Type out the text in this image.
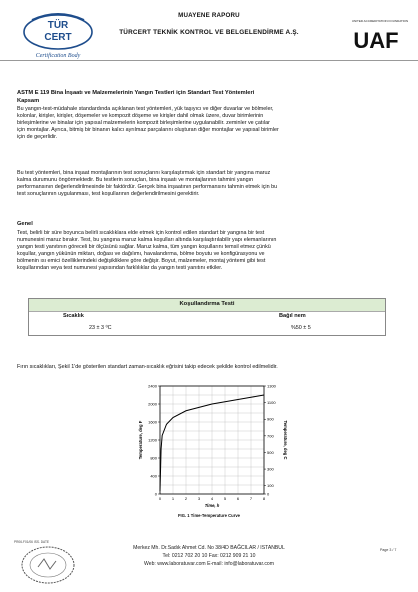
TÜR
CERT
Certification Body
MUAYENE RAPORU
TÜRCERT TEKNİK KONTROL VE BELGELENDİRME A.Ş.
UNITED ACCREDITATION FOUNDATION
UAF
ASTM E 119 Bina İnşaatı ve Malzemelerinin Yangın Testleri için Standart Test Yöntemleri
Kapsam
Bu yangın-test-müdahale standardında açıklanan test yöntemleri, yük taşıyıcı ve diğer duvarlar ve bölmeler,
kolonlar, kirişler, kirişler, döşemeler ve kompozit döşeme ve kirişler dahil olmak üzere, duvar birimlerinin
birleşimlerine ve binalar için yapısal malzemelerin kompozit birleşimlerine uygulanabilir. zeminler ve çatılar
için montajlar. Ayrıca, bitmiş bir binanın kalıcı ayrılmaz parçalarını oluşturan diğer montajlar ve yapısal birimler
için de geçerlidir.
Bu test yöntemleri, bina inşaat montajlarının test sonuçlarını karşılaştırmak için standart bir yangına maruz
kalma durumunu öngörmektedir. Bu testlerin sonuçları, bina inşaatı ve montajlarının tahmini yangın
performansının değerlendirilmesinde bir faktördür. Gerçek bina inşaatının performansını tahmin etmek için bu
test sonuçlarının uygulanması, test koşullarının değerlendirilmesini gerektirir.
Genel
Test, belirli bir süre boyunca belirli sıcaklıklara elde etmek için kontrol edilen standart bir yangına bir test
numunesini maruz bırakır. Test, bu yangına maruz kalma koşulları altında karşılaştırılabilir yapı elemanlarının
yangın testi yanıtının göreceli bir ölçüsünü sağlar. Maruz kalma, tüm yangın koşullarını temsil etmez çünkü
koşullar, yangın yükünün miktarı, doğası ve dağılımı, havalandırma, bölme boyutu ve konfigürasyonu ve
bölmenin ısı emici özelliklerindeki değişikliklere göre değişir. Boyut, malzemeler, montaj yöntemi gibi test
koşullarından veya test numunesi yapısından farklılıklar da yangın testi yanıtını etkiler.
Koşullandırma Testi
Sıcaklık	Bağıl nem
23 ± 3 ⁰C	%50 ± 5
Fırın sıcaklıkları, Şekil 1'de gösterilen standart zaman-sıcaklık eğrisini takip edecek şekilde kontrol edilmelidir.
0
400
800
1200
1600
2000
2400
0
100
300
500
700
900
1100
1300
0	1	2	3	4	5	6	7	8
Time, h
Temperature, deg F	Temperature, deg C
FIG. 1 Time-Temperature Curve
PR06-F01/06 ISS. DATE
Merkez Mh. Dr.Sadık Ahmet Cd. No 38/4D BAĞCILAR / ISTANBUL
Tel: 0212 702 20 10 Fax: 0212 909 21 10
Web: www.laboratuvar.com E-mail: info@laboratuvar.com
Page 3 / 7
